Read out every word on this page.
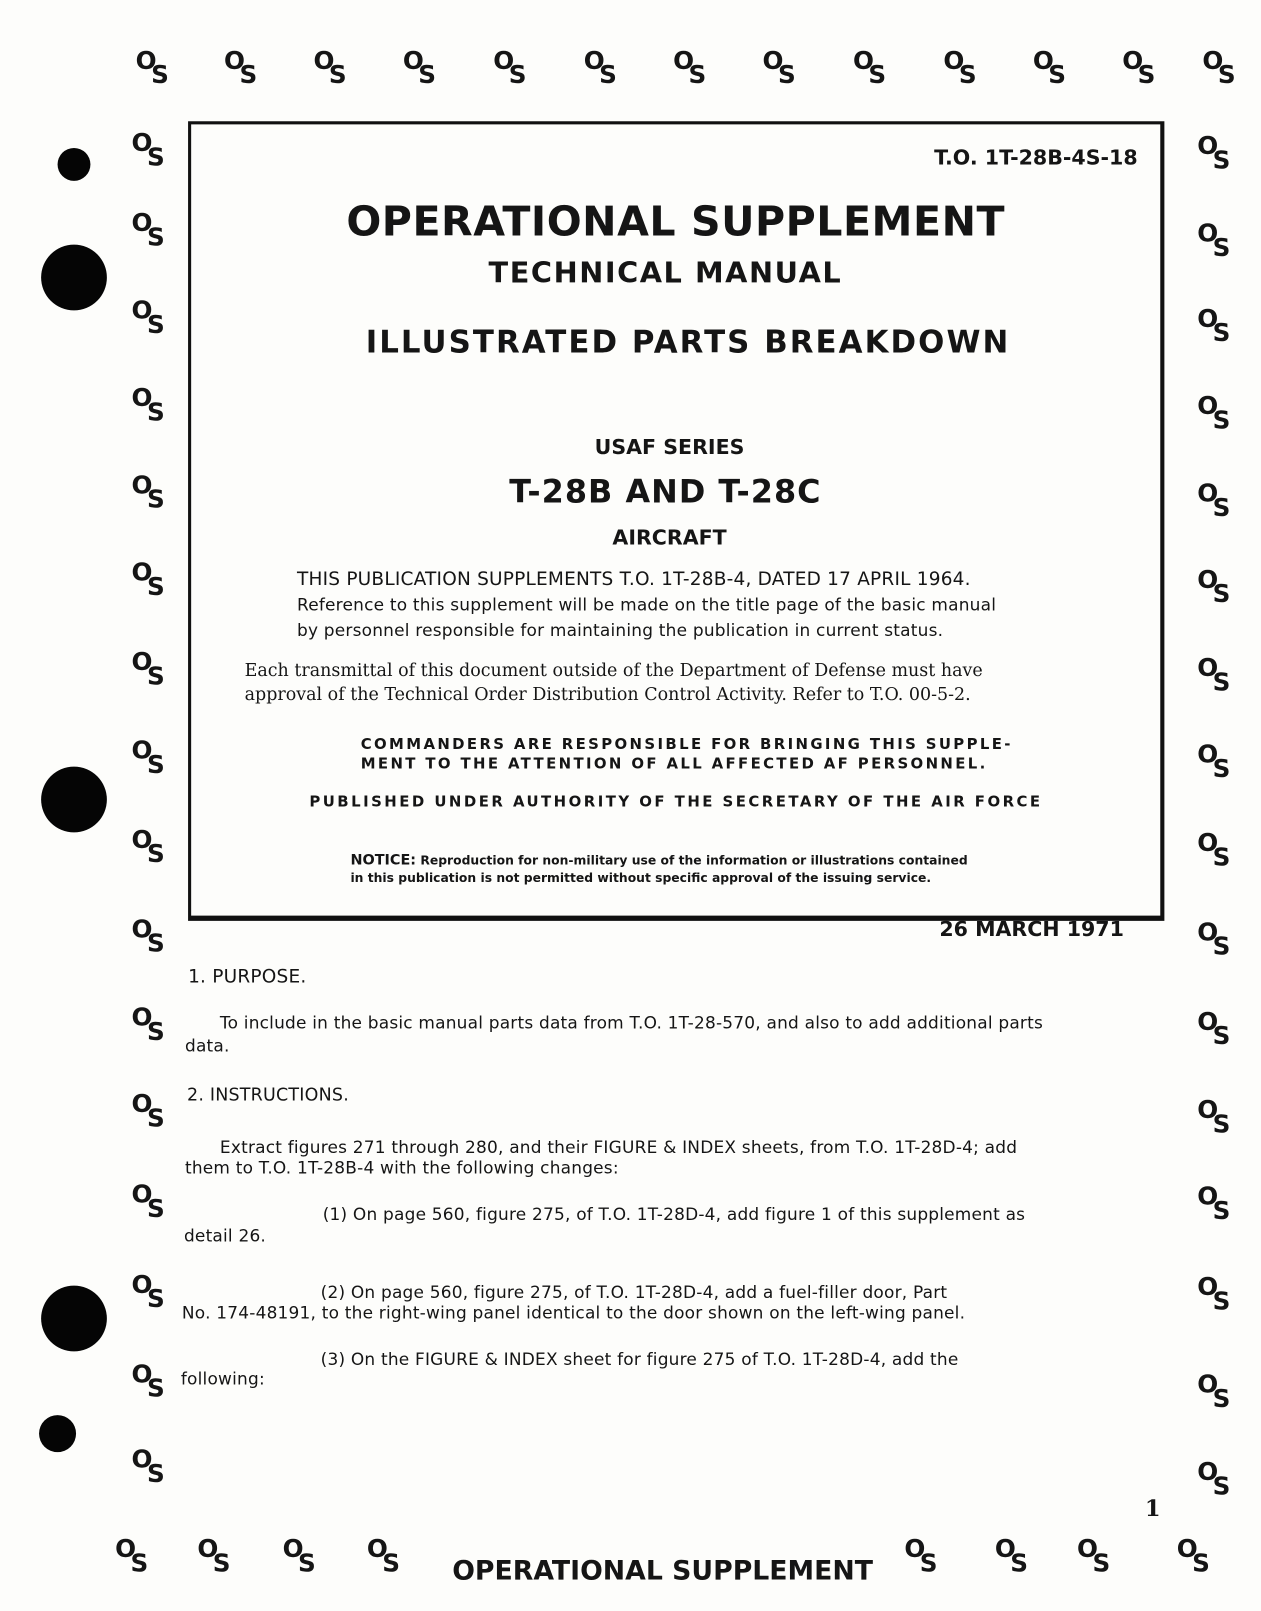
O
S O
S O
S O
S O
S O
S O
S O
S O
S O
S O
S O
S O
S
O
S
O
S
O
S
O
S
O
S
O
S
O
S
O
S
O
S
O
S
O
S
O
S
O
S
O
S
O
S
O
S
O
S
O
S
O
S
O
S
O
S
O
S
O
S
O
S
O
S
O
S
O
S
O
S
O
S
O
S
O
S
O
S
O
S O
S O
S O
S	O
S O
S O
S	O
S
T.O. 1T-28B-4S-18
OPERATIONAL SUPPLEMENT
TECHNICAL MANUAL
ILLUSTRATED PARTS BREAKDOWN
USAF SERIES
T-28B AND T-28C
AIRCRAFT
THIS PUBLICATION SUPPLEMENTS T.O. 1T-28B-4, DATED 17 APRIL 1964.
Reference to this supplement will be made on the title page of the basic manual
by personnel responsible for maintaining the publication in current status.
Each transmittal of this document outside of the Department of Defense must have
approval of the Technical Order Distribution Control Activity. Refer to T.O. 00-5-2.
COMMANDERS ARE RESPONSIBLE FOR BRINGING THIS SUPPLE-
MENT TO THE ATTENTION OF ALL AFFECTED AF PERSONNEL.
PUBLISHED UNDER AUTHORITY OF THE SECRETARY OF THE AIR FORCE
NOTICE: Reproduction for non-military use of the information or illustrations contained
in this publication is not permitted without specific approval of the issuing service.
26 MARCH 1971
1. PURPOSE.
To include in the basic manual parts data from T.O. 1T-28-570, and also to add additional parts
data.
2. INSTRUCTIONS.
Extract figures 271 through 280, and their FIGURE & INDEX sheets, from T.O. 1T-28D-4; add
them to T.O. 1T-28B-4 with the following changes:
(1) On page 560, figure 275, of T.O. 1T-28D-4, add figure 1 of this supplement as
detail 26.
(2) On page 560, figure 275, of T.O. 1T-28D-4, add a fuel-filler door, Part
No. 174-48191, to the right-wing panel identical to the door shown on the left-wing panel.
(3) On the FIGURE & INDEX sheet for figure 275 of T.O. 1T-28D-4, add the
following:
1
OPERATIONAL SUPPLEMENT
